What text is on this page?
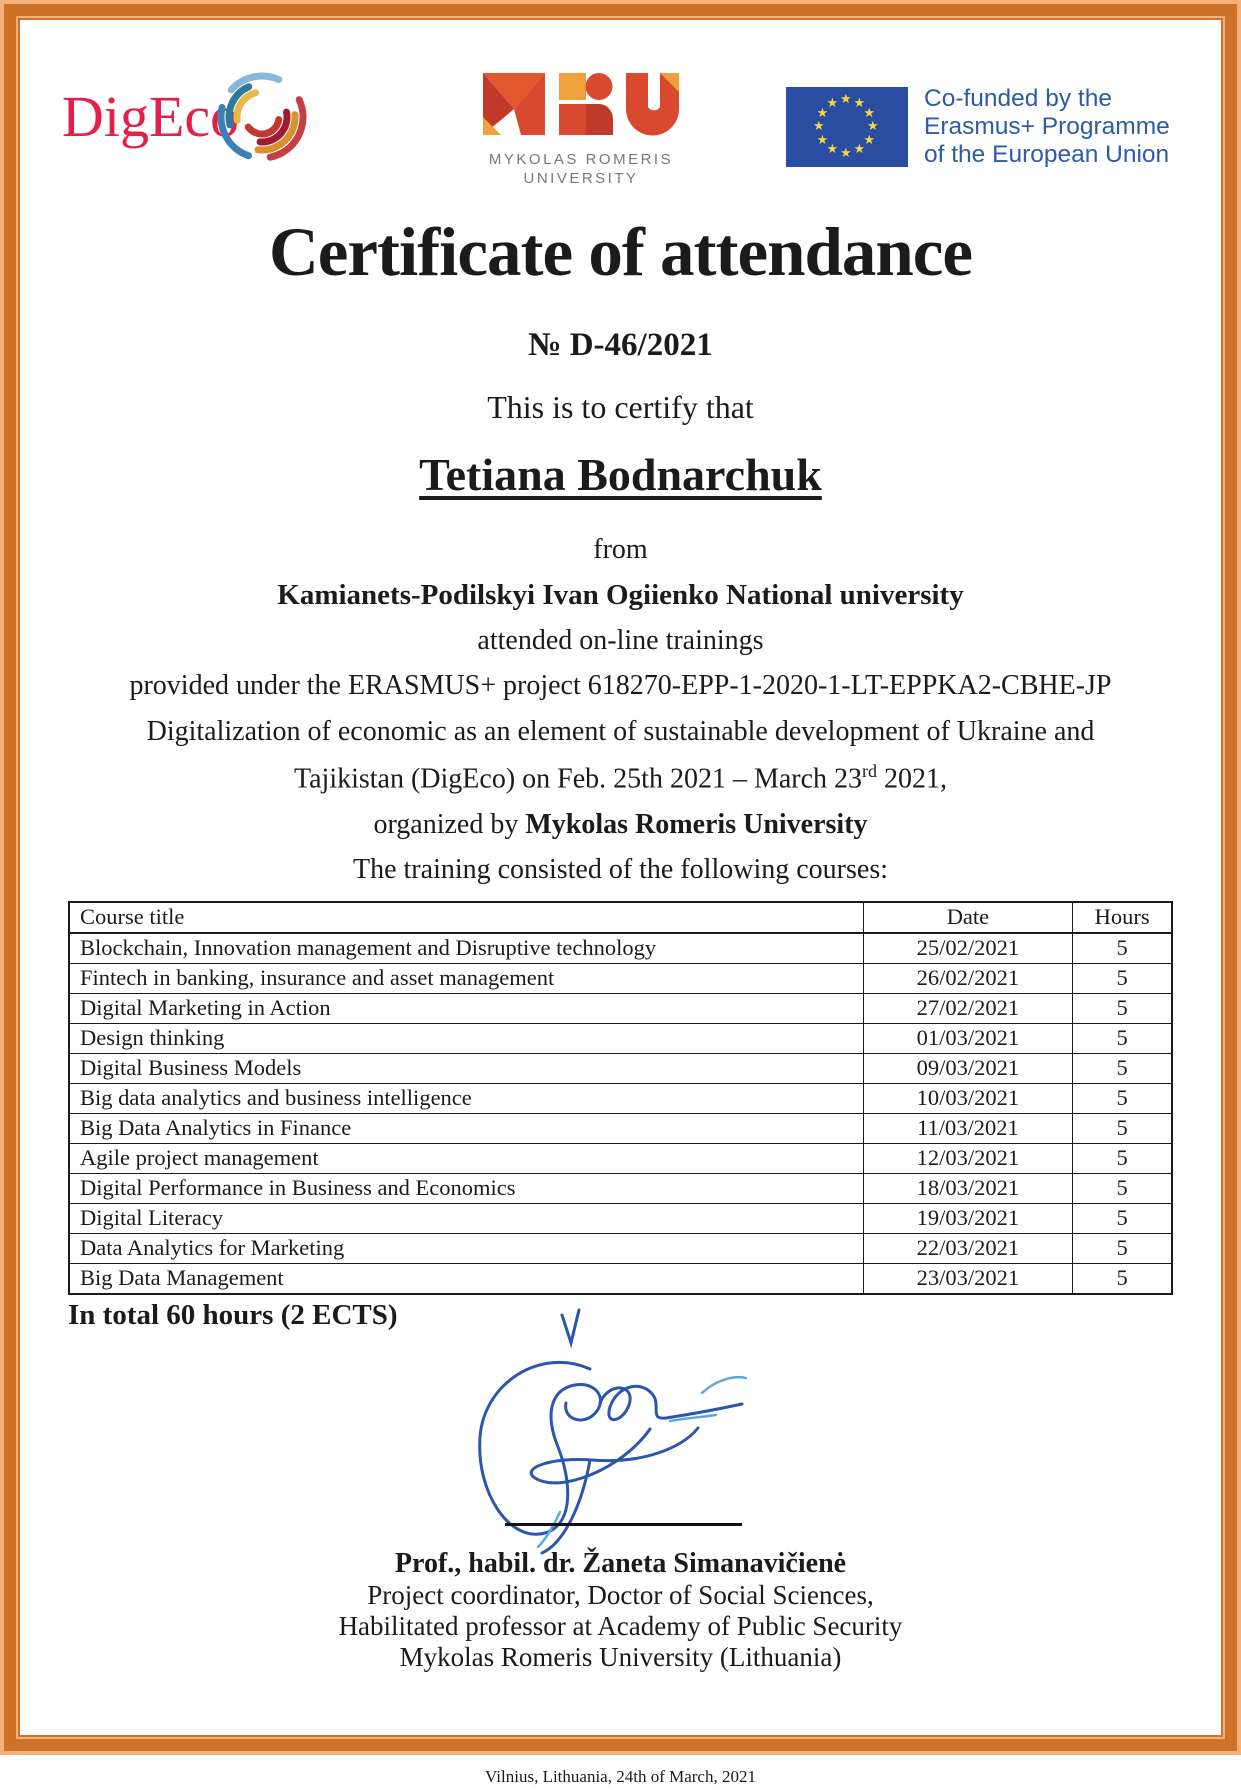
DigEco
MYKOLAS ROMERIS
UNIVERSITY
★ ★
★
★
★
★
★
★
★
★
★
★	Co-funded by the
Erasmus+ Programme
of the European Union
Certificate of attendance
№ D-46/2021
This is to certify that
Tetiana Bodnarchuk
from
Kamianets-Podilskyi Ivan Ogiienko National university
attended on-line trainings
provided under the ERASMUS+ project 618270-EPP-1-2020-1-LT-EPPKA2-CBHE-JP
Digitalization of economic as an element of sustainable development of Ukraine and
Tajikistan (DigEco) on Feb. 25th 2021 – March 23rd 2021,
organized by Mykolas Romeris University
The training consisted of the following courses:
Course title	Date	Hours
Blockchain, Innovation management and Disruptive technology	25/02/2021	5
Fintech in banking, insurance and asset management	26/02/2021	5
Digital Marketing in Action	27/02/2021	5
Design thinking	01/03/2021	5
Digital Business Models	09/03/2021	5
Big data analytics and business intelligence	10/03/2021	5
Big Data Analytics in Finance	11/03/2021	5
Agile project management	12/03/2021	5
Digital Performance in Business and Economics	18/03/2021	5
Digital Literacy	19/03/2021	5
Data Analytics for Marketing	22/03/2021	5
Big Data Management	23/03/2021	5
In total 60 hours (2 ECTS)
Prof., habil. dr. Žaneta Simanavičienė
Project coordinator, Doctor of Social Sciences,
Habilitated professor at Academy of Public Security
Mykolas Romeris University (Lithuania)
Vilnius, Lithuania, 24th of March, 2021
